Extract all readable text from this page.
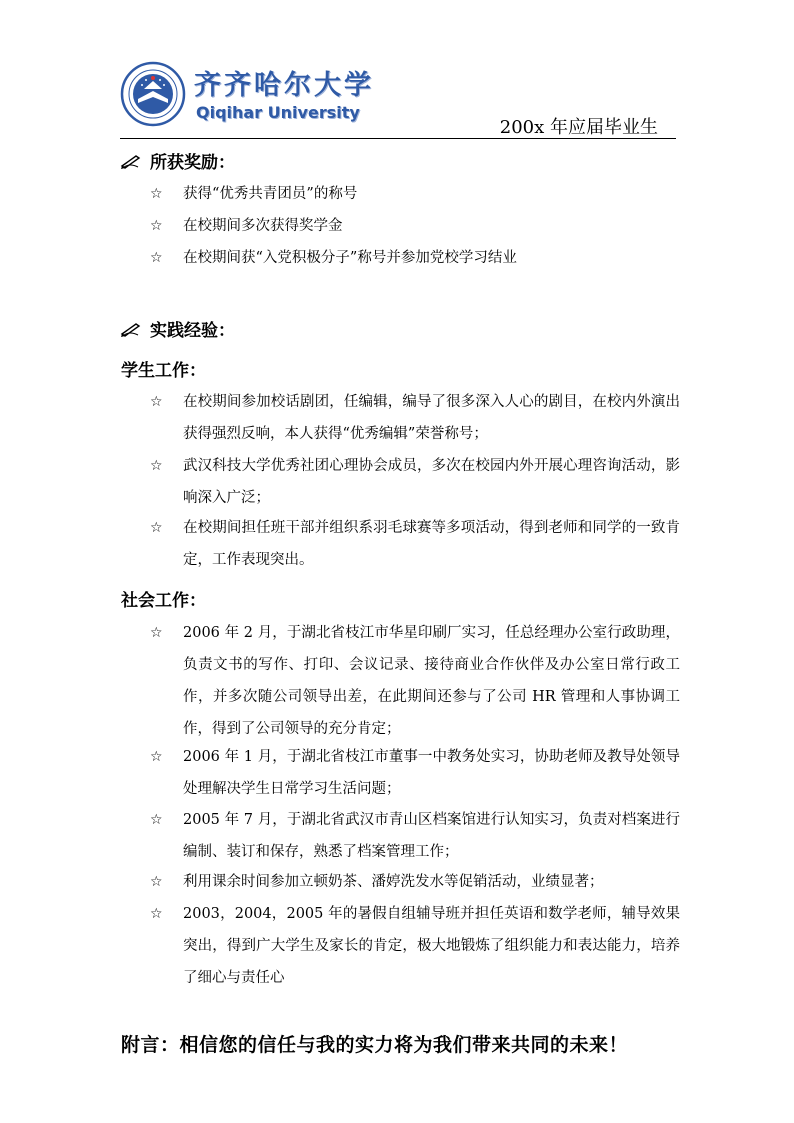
齐齐哈尔大学
Qiqihar University
200x 年应届毕业生
所获奖励：
☆	获得“优秀共青团员”的称号
☆	在校期间多次获得奖学金
☆	在校期间获“入党积极分子”称号并参加党校学习结业
实践经验：
学生工作：
☆	在校期间参加校话剧团，任编辑，编导了很多深入人心的剧目，在校内外演出获得强烈反响，本人获得“优秀编辑”荣誉称号；
☆	武汉科技大学优秀社团心理协会成员，多次在校园内外开展心理咨询活动，影响深入广泛；
☆	在校期间担任班干部并组织系羽毛球赛等多项活动，得到老师和同学的一致肯定，工作表现突出。
社会工作：
☆	2006 年 2 月，于湖北省枝江市华星印刷厂实习，任总经理办公室行政助理，负责文书的写作、打印、会议记录、接待商业合作伙伴及办公室日常行政工作，并多次随公司领导出差，在此期间还参与了公司 HR 管理和人事协调工作，得到了公司领导的充分肯定；
☆	2006 年 1 月，于湖北省枝江市董事一中教务处实习，协助老师及教导处领导处理解决学生日常学习生活问题；
☆	2005 年 7 月，于湖北省武汉市青山区档案馆进行认知实习，负责对档案进行编制、装订和保存，熟悉了档案管理工作；
☆	利用课余时间参加立顿奶茶、潘婷洗发水等促销活动，业绩显著；
☆	2003，2004，2005 年的暑假自组辅导班并担任英语和数学老师，辅导效果突出，得到广大学生及家长的肯定，极大地锻炼了组织能力和表达能力，培养了细心与责任心
附言：相信您的信任与我的实力将为我们带来共同的未来！
